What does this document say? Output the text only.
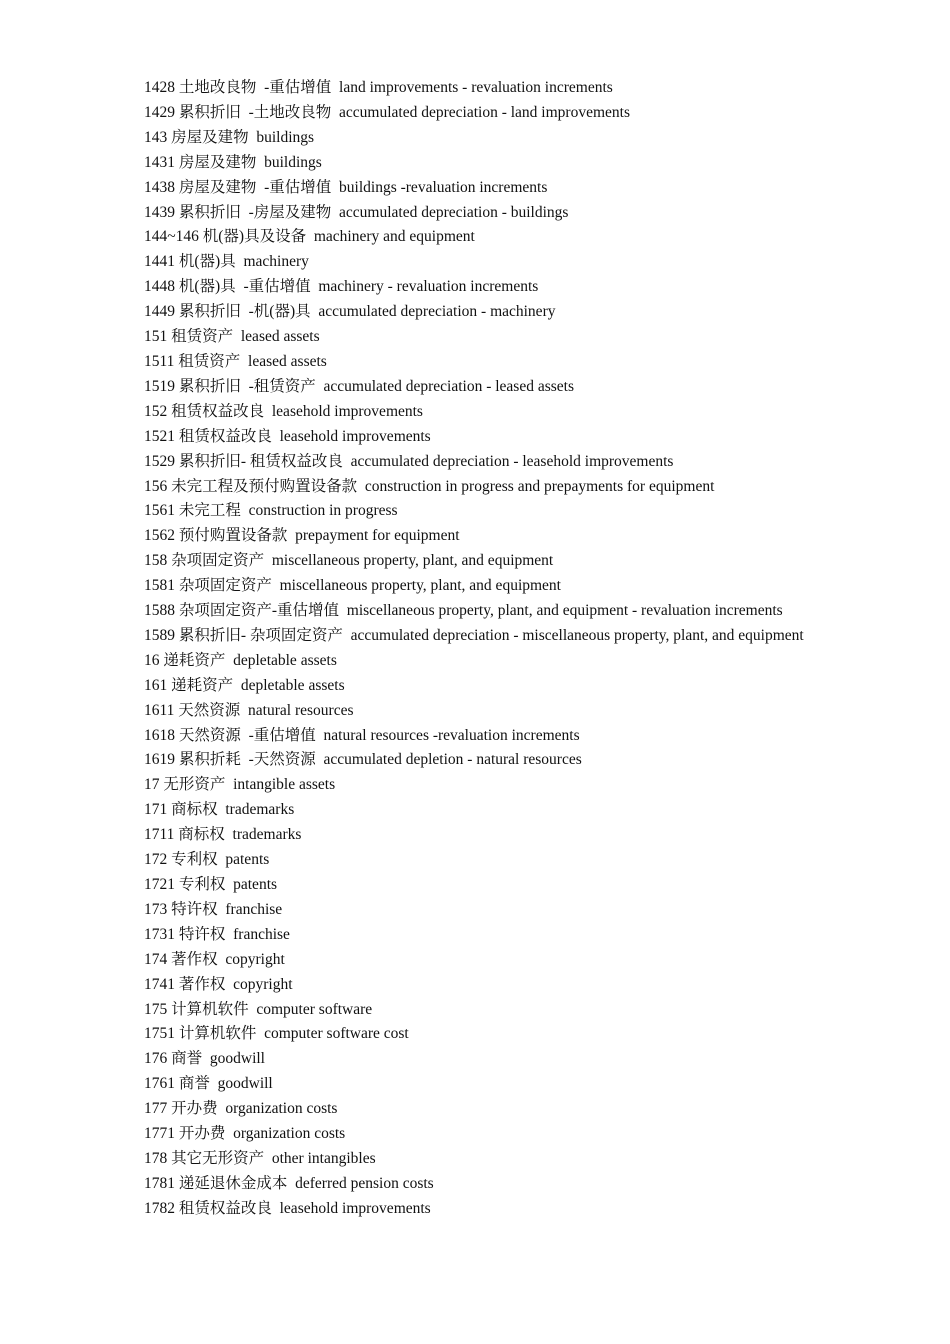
1428 土地改良物  -重估增值  land improvements - revaluation increments

1429 累积折旧  -土地改良物  accumulated depreciation - land improvements

143 房屋及建物  buildings

1431 房屋及建物  buildings

1438 房屋及建物  -重估增值  buildings -revaluation increments

1439 累积折旧  -房屋及建物  accumulated depreciation - buildings

144~146 机(器)具及设备  machinery and equipment

1441 机(器)具  machinery

1448 机(器)具  -重估增值  machinery - revaluation increments

1449 累积折旧  -机(器)具  accumulated depreciation - machinery

151 租赁资产  leased assets

1511 租赁资产  leased assets

1519 累积折旧  -租赁资产  accumulated depreciation - leased assets

152 租赁权益改良  leasehold improvements

1521 租赁权益改良  leasehold improvements

1529 累积折旧- 租赁权益改良  accumulated depreciation - leasehold improvements

156 未完工程及预付购置设备款  construction in progress and prepayments for equipment

1561 未完工程  construction in progress

1562 预付购置设备款  prepayment for equipment

158 杂项固定资产  miscellaneous property, plant, and equipment

1581 杂项固定资产  miscellaneous property, plant, and equipment

1588 杂项固定资产-重估增值  miscellaneous property, plant, and equipment - revaluation increments

1589 累积折旧- 杂项固定资产  accumulated depreciation - miscellaneous property, plant, and equipment

16 递耗资产  depletable assets

161 递耗资产  depletable assets

1611 天然资源  natural resources

1618 天然资源  -重估增值  natural resources -revaluation increments

1619 累积折耗  -天然资源  accumulated depletion - natural resources

17 无形资产  intangible assets

171 商标权  trademarks

1711 商标权  trademarks

172 专利权  patents

1721 专利权  patents

173 特许权  franchise

1731 特许权  franchise

174 著作权  copyright

1741 著作权  copyright

175 计算机软件  computer software

1751 计算机软件  computer software cost

176 商誉  goodwill

1761 商誉  goodwill

177 开办费  organization costs

1771 开办费  organization costs

178 其它无形资产  other intangibles

1781 递延退休金成本  deferred pension costs

1782 租赁权益改良  leasehold improvements
